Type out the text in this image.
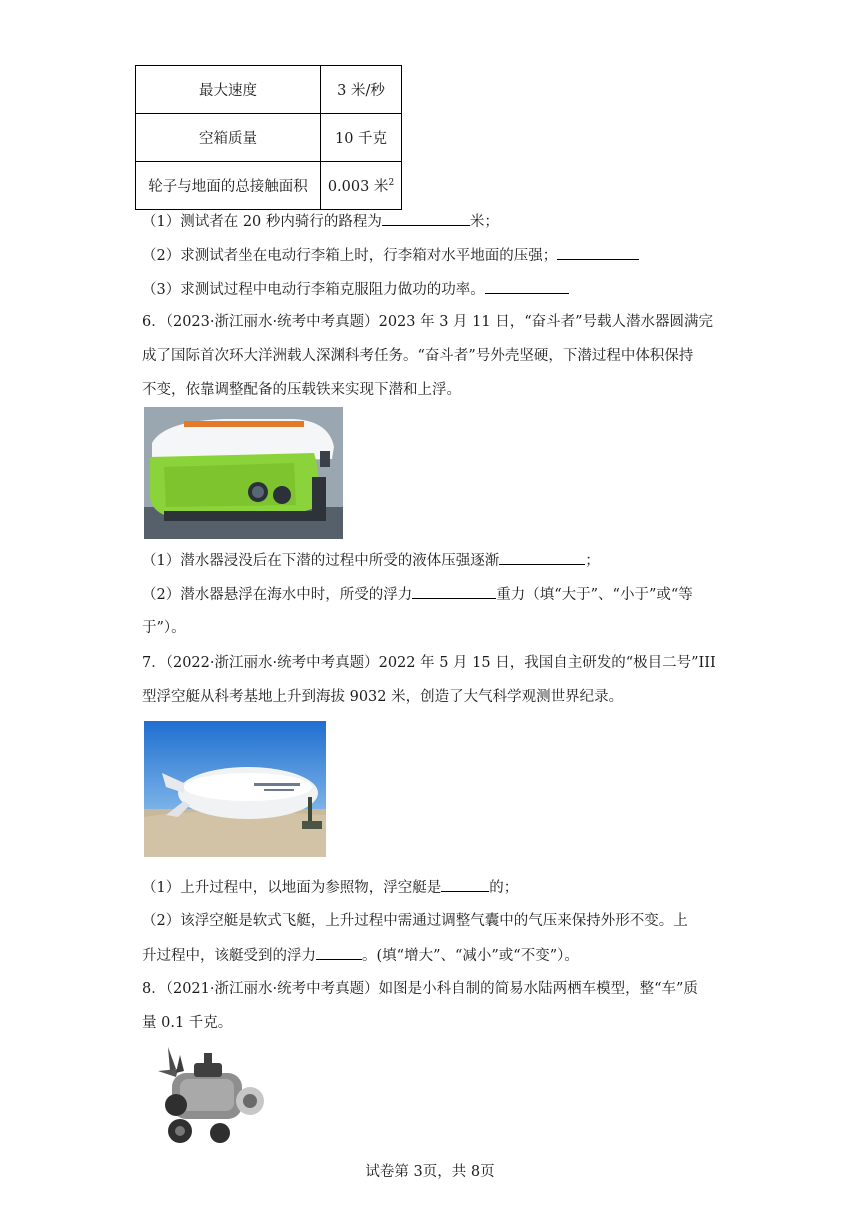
最大速度	3 米/秒
空箱质量	10 千克
轮子与地面的总接触面积	0.003 米$^2$
（1）测试者在 20 秒内骑行的路程为	米；
（2）求测试者坐在电动行李箱上时，行李箱对水平地面的压强；
（3）求测试过程中电动行李箱克服阻力做功的功率。
6．（2023·浙江丽水·统考中考真题）2023 年 3 月 11 日，“奋斗者”号载人潜水器圆满完
成了国际首次环大洋洲载人深渊科考任务。“奋斗者”号外壳坚硬，下潜过程中体积保持
不变，依靠调整配备的压载铁来实现下潜和上浮。
（1）潜水器浸没后在下潜的过程中所受的液体压强逐渐	；
（2）潜水器悬浮在海水中时，所受的浮力	重力（填“大于”、“小于”或“等
于”）。
7．（2022·浙江丽水·统考中考真题）2022 年 5 月 15 日，我国自主研发的“极目二号”III
型浮空艇从科考基地上升到海拔 9032 米，创造了大气科学观测世界纪录。
（1）上升过程中，以地面为参照物，浮空艇是	的；
（2）该浮空艇是软式飞艇，上升过程中需通过调整气囊中的气压来保持外形不变。上
升过程中，该艇受到的浮力	。(填“增大”、“减小”或“不变”）。
8．（2021·浙江丽水·统考中考真题）如图是小科自制的简易水陆两栖车模型，整“车”质
量 0.1 千克。
试卷第 3页，共 8页
